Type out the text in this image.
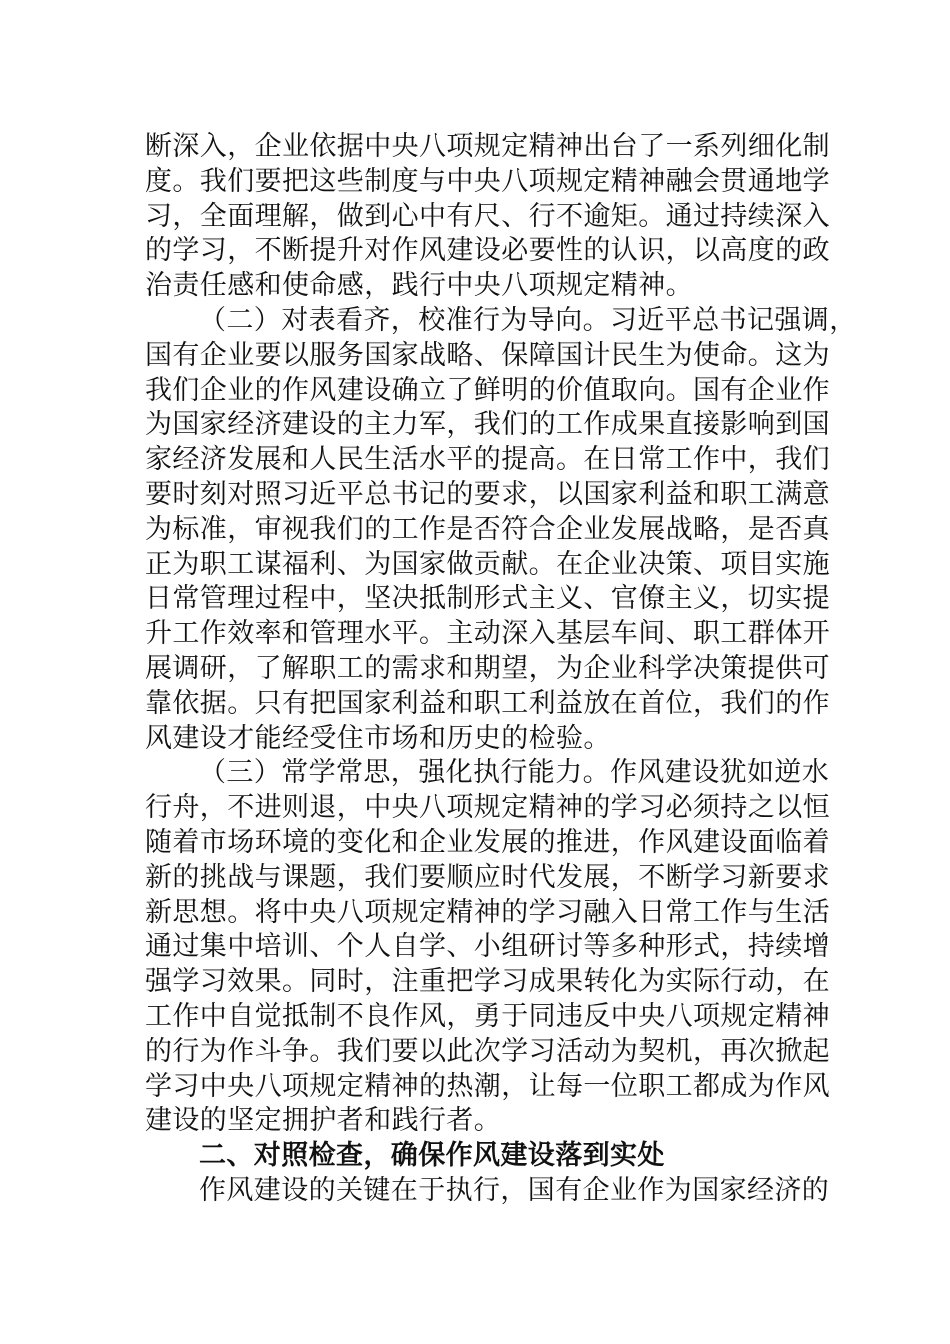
断深入，企业依据中央八项规定精神出台了一系列细化制
度。我们要把这些制度与中央八项规定精神融会贯通地学
习，全面理解，做到心中有尺、行不逾矩。通过持续深入
的学习，不断提升对作风建设必要性的认识，以高度的政
治责任感和使命感，践行中央八项规定精神。
（二）对表看齐，校准行为导向。习近平总书记强调，
国有企业要以服务国家战略、保障国计民生为使命。这为
我们企业的作风建设确立了鲜明的价值取向。国有企业作
为国家经济建设的主力军，我们的工作成果直接影响到国
家经济发展和人民生活水平的提高。在日常工作中，我们
要时刻对照习近平总书记的要求，以国家利益和职工满意
为标准，审视我们的工作是否符合企业发展战略，是否真
正为职工谋福利、为国家做贡献。在企业决策、项目实施
日常管理过程中，坚决抵制形式主义、官僚主义，切实提
升工作效率和管理水平。主动深入基层车间、职工群体开
展调研，了解职工的需求和期望，为企业科学决策提供可
靠依据。只有把国家利益和职工利益放在首位，我们的作
风建设才能经受住市场和历史的检验。
（三）常学常思，强化执行能力。作风建设犹如逆水
行舟，不进则退，中央八项规定精神的学习必须持之以恒
随着市场环境的变化和企业发展的推进，作风建设面临着
新的挑战与课题，我们要顺应时代发展，不断学习新要求
新思想。将中央八项规定精神的学习融入日常工作与生活
通过集中培训、个人自学、小组研讨等多种形式，持续增
强学习效果。同时，注重把学习成果转化为实际行动，在
工作中自觉抵制不良作风，勇于同违反中央八项规定精神
的行为作斗争。我们要以此次学习活动为契机，再次掀起
学习中央八项规定精神的热潮，让每一位职工都成为作风
建设的坚定拥护者和践行者。
二、对照检查，确保作风建设落到实处
作风建设的关键在于执行，国有企业作为国家经济的
